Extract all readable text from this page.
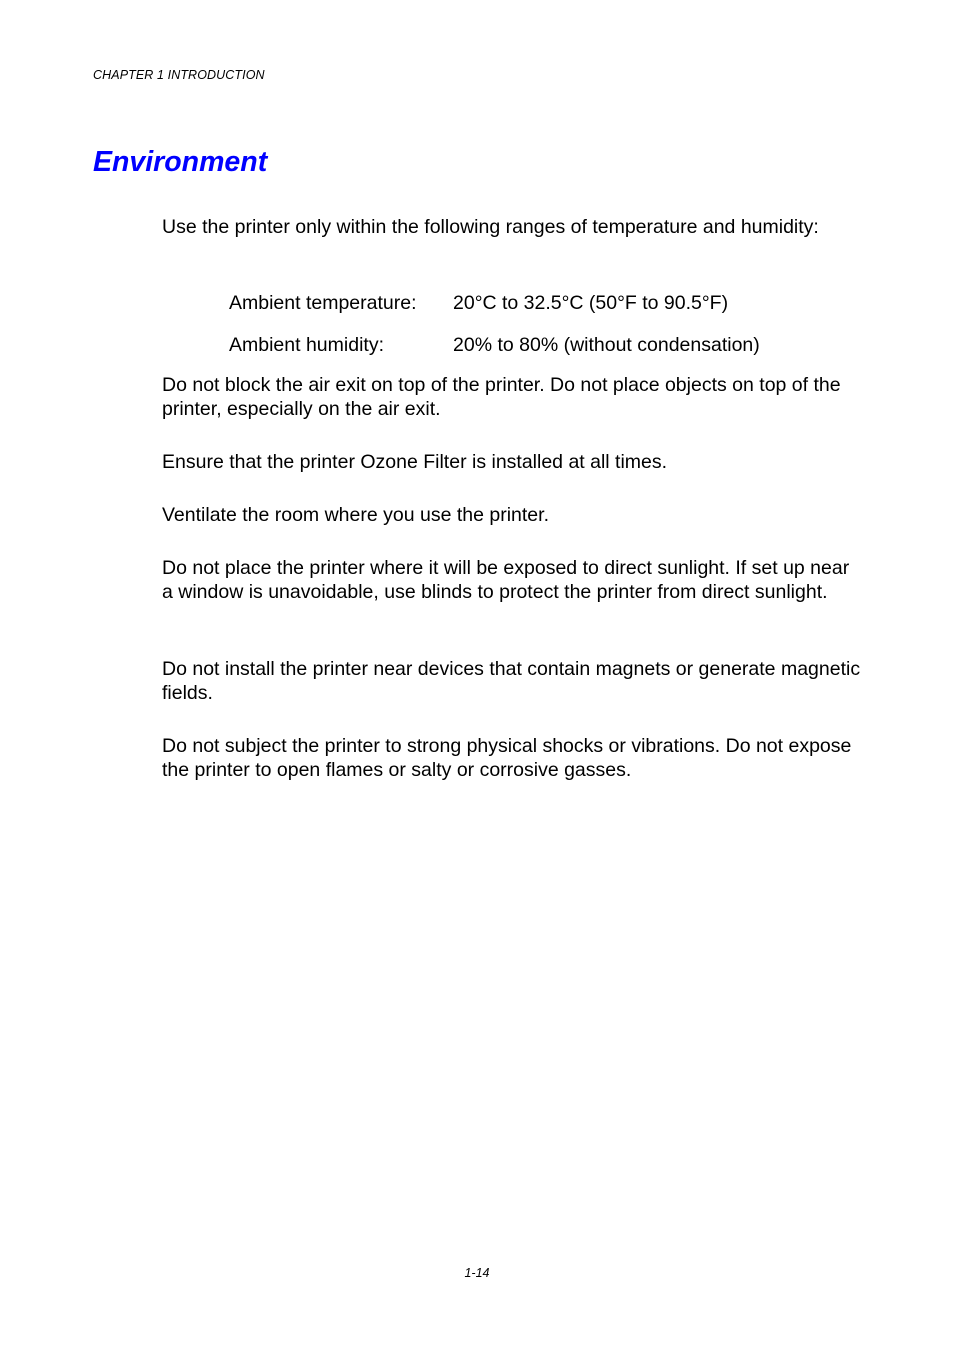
CHAPTER 1 INTRODUCTION
Environment

Use the printer only within the following ranges of temperature and humidity:

Ambient temperature: 20°C to 32.5°C (50°F to 90.5°F)
Ambient humidity:	20% to 80% (without condensation)

Do not block the air exit on top of the printer. Do not place objects on top of the printer, especially on the air exit.

Ensure that the printer Ozone Filter is installed at all times.

Ventilate the room where you use the printer.

Do not place the printer where it will be exposed to direct sunlight. If set up near a window is unavoidable, use blinds to protect the printer from direct sunlight.

Do not install the printer near devices that contain magnets or generate magnetic fields.

Do not subject the printer to strong physical shocks or vibrations. Do not expose the printer to open flames or salty or corrosive gasses.

1-14
